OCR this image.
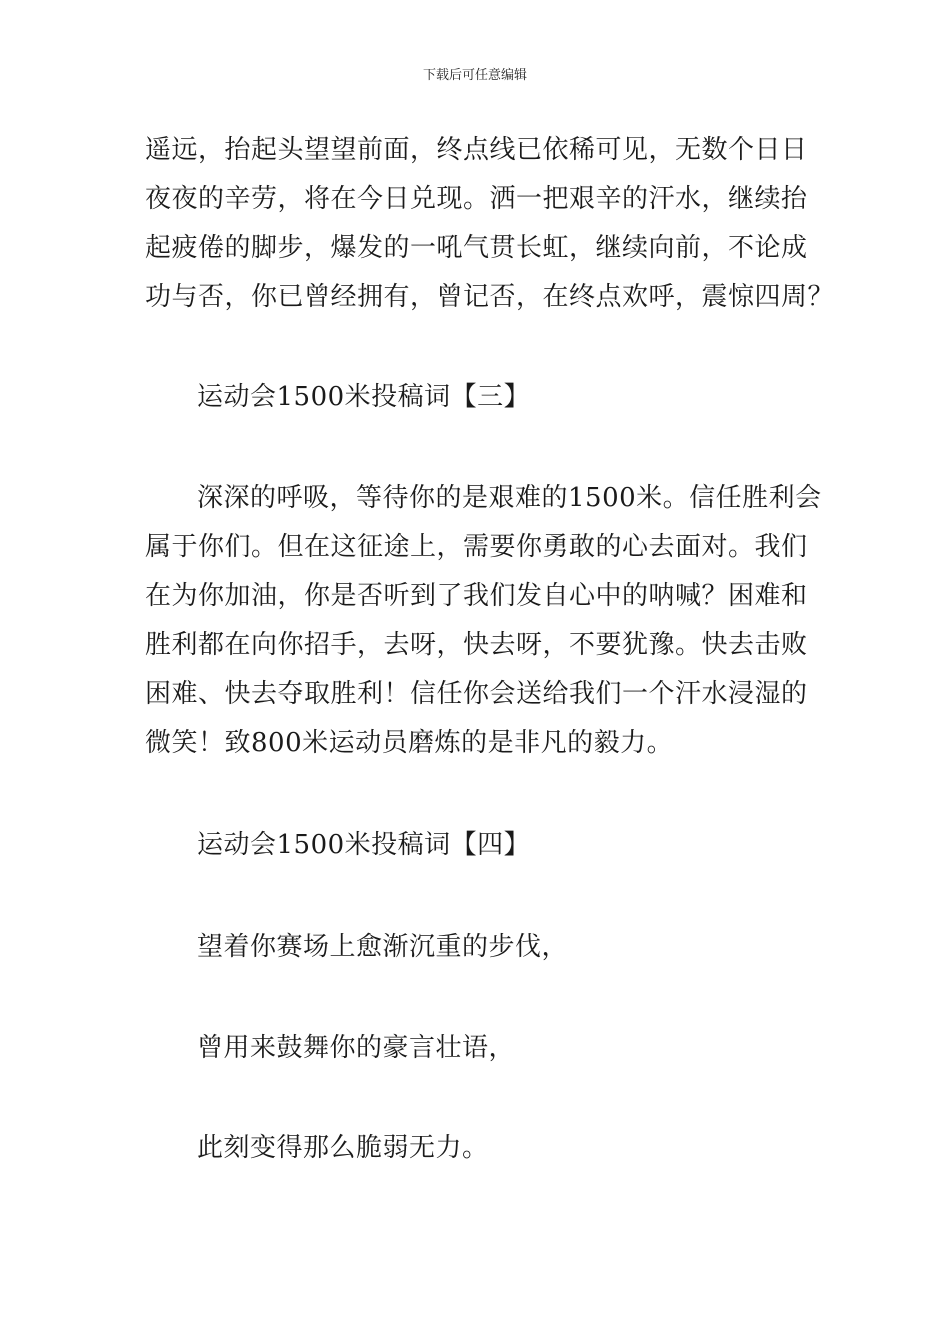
下载后可任意编辑

遥远，抬起头望望前面，终点线已依稀可见，无数个日日
夜夜的辛劳，将在今日兑现。洒一把艰辛的汗水，继续抬
起疲倦的脚步，爆发的一吼气贯长虹，继续向前，不论成
功与否，你已曾经拥有，曾记否，在终点欢呼，震惊四周？

运动会1500米投稿词【三】

深深的呼吸，等待你的是艰难的1500米。信任胜利会
属于你们。但在这征途上，需要你勇敢的心去面对。我们
在为你加油，你是否听到了我们发自心中的呐喊？困难和
胜利都在向你招手，去呀，快去呀，不要犹豫。快去击败
困难、快去夺取胜利！信任你会送给我们一个汗水浸湿的
微笑！致800米运动员磨炼的是非凡的毅力。

运动会1500米投稿词【四】

望着你赛场上愈渐沉重的步伐，

曾用来鼓舞你的豪言壮语，

此刻变得那么脆弱无力。
